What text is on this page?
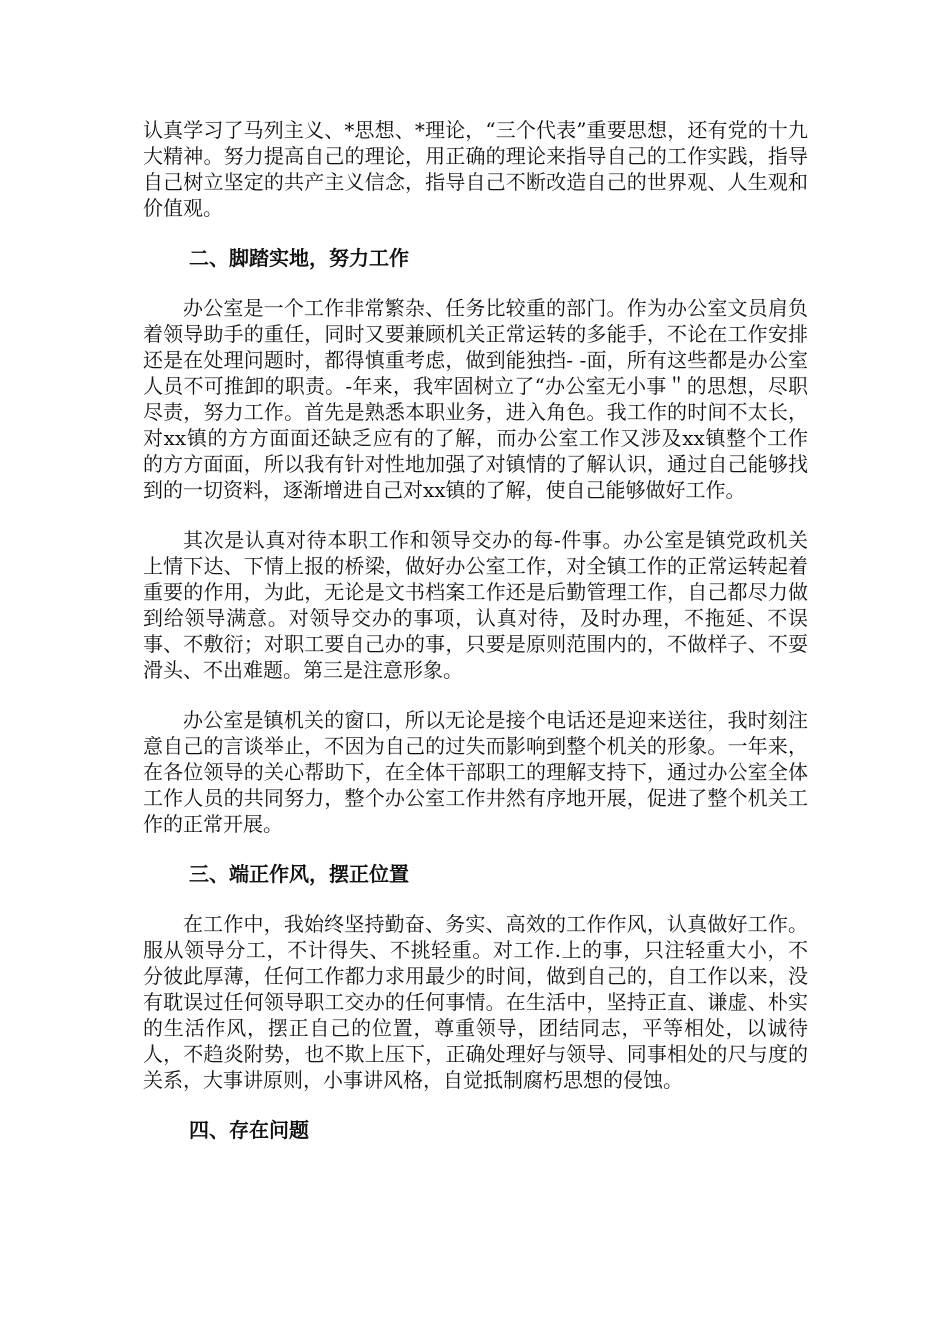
认真学习了马列主义、*思想、*理论，“三个代表”重要思想，还有党的十九大精神。努力提高自己的理论，用正确的理论来指导自己的工作实践，指导自己树立坚定的共产主义信念，指导自己不断改造自己的世界观、人生观和价值观。

二、脚踏实地，努力工作

办公室是一个工作非常繁杂、任务比较重的部门。作为办公室文员肩负着领导助手的重任，同时又要兼顾机关正常运转的多能手，不论在工作安排还是在处理问题时，都得慎重考虑，做到能独挡- -面，所有这些都是办公室人员不可推卸的职责。-年来，我牢固树立了“办公室无小事＂的思想，尽职尽责，努力工作。首先是熟悉本职业务，进入角色。我工作的时间不太长，对xx镇的方方面面还缺乏应有的了解，而办公室工作又涉及xx镇整个工作的方方面面，所以我有针对性地加强了对镇情的了解认识，通过自己能够找到的一切资料，逐渐增进自己对xx镇的了解，使自己能够做好工作。

其次是认真对待本职工作和领导交办的每-件事。办公室是镇党政机关上情下达、下情上报的桥梁，做好办公室工作，对全镇工作的正常运转起着重要的作用，为此，无论是文书档案工作还是后勤管理工作，自己都尽力做到给领导满意。对领导交办的事项，认真对待，及时办理，不拖延、不误事、不敷衍；对职工要自己办的事，只要是原则范围内的，不做样子、不耍滑头、不出难题。第三是注意形象。

办公室是镇机关的窗口，所以无论是接个电话还是迎来送往，我时刻注意自己的言谈举止，不因为自己的过失而影响到整个机关的形象。一年来，在各位领导的关心帮助下，在全体干部职工的理解支持下，通过办公室全体工作人员的共同努力，整个办公室工作井然有序地开展，促进了整个机关工作的正常开展。

三、端正作风，摆正位置

在工作中，我始终坚持勤奋、务实、高效的工作作风，认真做好工作。服从领导分工，不计得失、不挑轻重。对工作.上的事，只注轻重大小，不分彼此厚薄，任何工作都力求用最少的时间，做到自己的，自工作以来，没有耽误过任何领导职工交办的任何事情。在生活中，坚持正直、谦虚、朴实的生活作风，摆正自己的位置，尊重领导，团结同志，平等相处，以诚待人，不趋炎附势，也不欺上压下，正确处理好与领导、同事相处的尺与度的关系，大事讲原则，小事讲风格，自觉抵制腐朽思想的侵蚀。

四、存在问题
